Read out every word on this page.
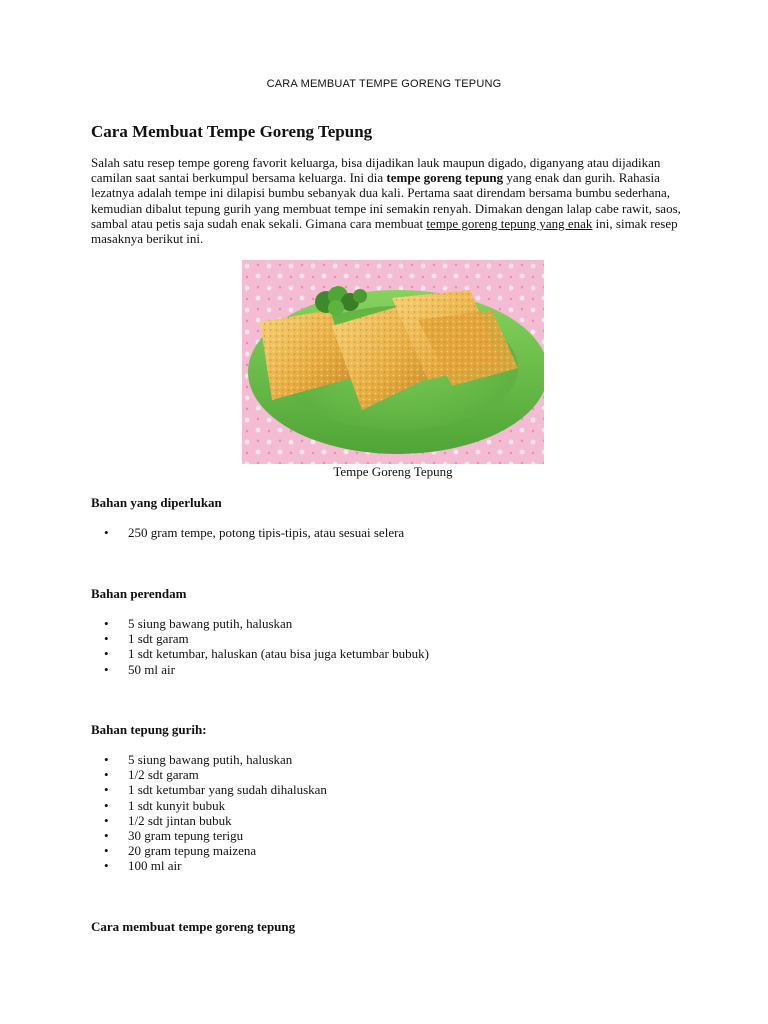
CARA MEMBUAT TEMPE GORENG TEPUNG
Cara Membuat Tempe Goreng Tepung

Salah satu resep tempe goreng favorit keluarga, bisa dijadikan lauk maupun digado, diganyang atau dijadikan camilan saat santai berkumpul bersama keluarga. Ini dia tempe goreng tepung yang enak dan gurih. Rahasia lezatnya adalah tempe ini dilapisi bumbu sebanyak dua kali. Pertama saat direndam bersama bumbu sederhana, kemudian dibalut tepung gurih yang membuat tempe ini semakin renyah. Dimakan dengan lalap cabe rawit, saos, sambal atau petis saja sudah enak sekali. Gimana cara membuat tempe goreng tepung yang enak ini, simak resep masaknya berikut ini.

Tempe Goreng Tepung
Bahan yang diperlukan
• 250 gram tempe, potong tipis-tipis, atau sesuai selera
Bahan perendam
• 5 siung bawang putih, haluskan
• 1 sdt garam
• 1 sdt ketumbar, haluskan (atau bisa juga ketumbar bubuk)
• 50 ml air
Bahan tepung gurih:
• 5 siung bawang putih, haluskan
• 1/2 sdt garam
• 1 sdt ketumbar yang sudah dihaluskan
• 1 sdt kunyit bubuk
• 1/2 sdt jintan bubuk
• 30 gram tepung terigu
• 20 gram tepung maizena
• 100 ml air
Cara membuat tempe goreng tepung
